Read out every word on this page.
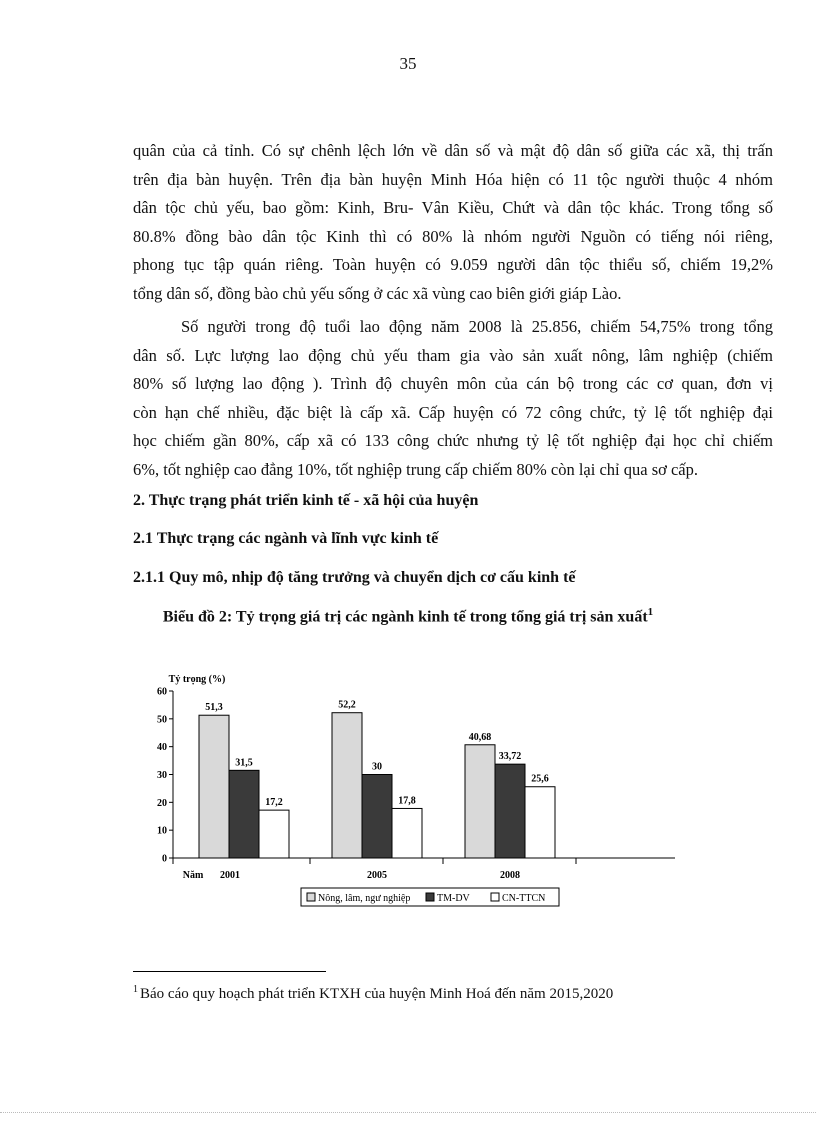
35

quân của cả tỉnh. Có sự chênh lệch lớn về dân số và mật độ dân số giữa các xã, thị trấn
trên địa bàn huyện. Trên địa bàn huyện Minh Hóa hiện có 11 tộc người thuộc 4 nhóm
dân tộc chủ yếu, bao gồm: Kinh, Bru- Vân Kiều, Chứt và dân tộc khác. Trong tổng số
80.8% đồng bào dân tộc Kinh thì có 80% là nhóm người Nguồn có tiếng nói riêng,
phong tục tập quán riêng. Toàn huyện có 9.059 người dân tộc thiểu số, chiếm 19,2%
tổng dân số, đồng bào chủ yếu sống ở các xã vùng cao biên giới giáp Lào.

Số người trong độ tuổi lao động năm 2008 là 25.856, chiếm 54,75% trong tổng
dân số. Lực lượng lao động chủ yếu tham gia vào sản xuất nông, lâm nghiệp (chiếm
80% số lượng lao động ). Trình độ chuyên môn của cán bộ trong các cơ quan, đơn vị
còn hạn chế nhiều, đặc biệt là cấp xã. Cấp huyện có 72 công chức, tỷ lệ tốt nghiệp đại
học chiếm gần 80%, cấp xã có 133 công chức nhưng tỷ lệ tốt nghiệp đại học chỉ chiếm
6%, tốt nghiệp cao đẳng 10%, tốt nghiệp trung cấp chiếm 80% còn lại chỉ qua sơ cấp.

2. Thực trạng phát triển kinh tế - xã hội của huyện
2.1 Thực trạng các ngành và lĩnh vực kinh tế
2.1.1 Quy mô, nhịp độ tăng trưởng và chuyển dịch cơ cấu kinh tế

Biểu đồ 2: Tỷ trọng giá trị các ngành kinh tế trong tổng giá trị sản xuất$^1$

Tỷ trọng (%)
0
10
20
30
40
50
60
51,3
31,5
17,2
2001
52,2
30
17,8
2005
40,68
33,72
25,6
2008
Năm
Nông, lâm, ngư nghiệp	TM-DV	CN-TTCN

$^1$ Báo cáo quy hoạch phát triển KTXH của huyện Minh Hoá đến năm 2015,2020
